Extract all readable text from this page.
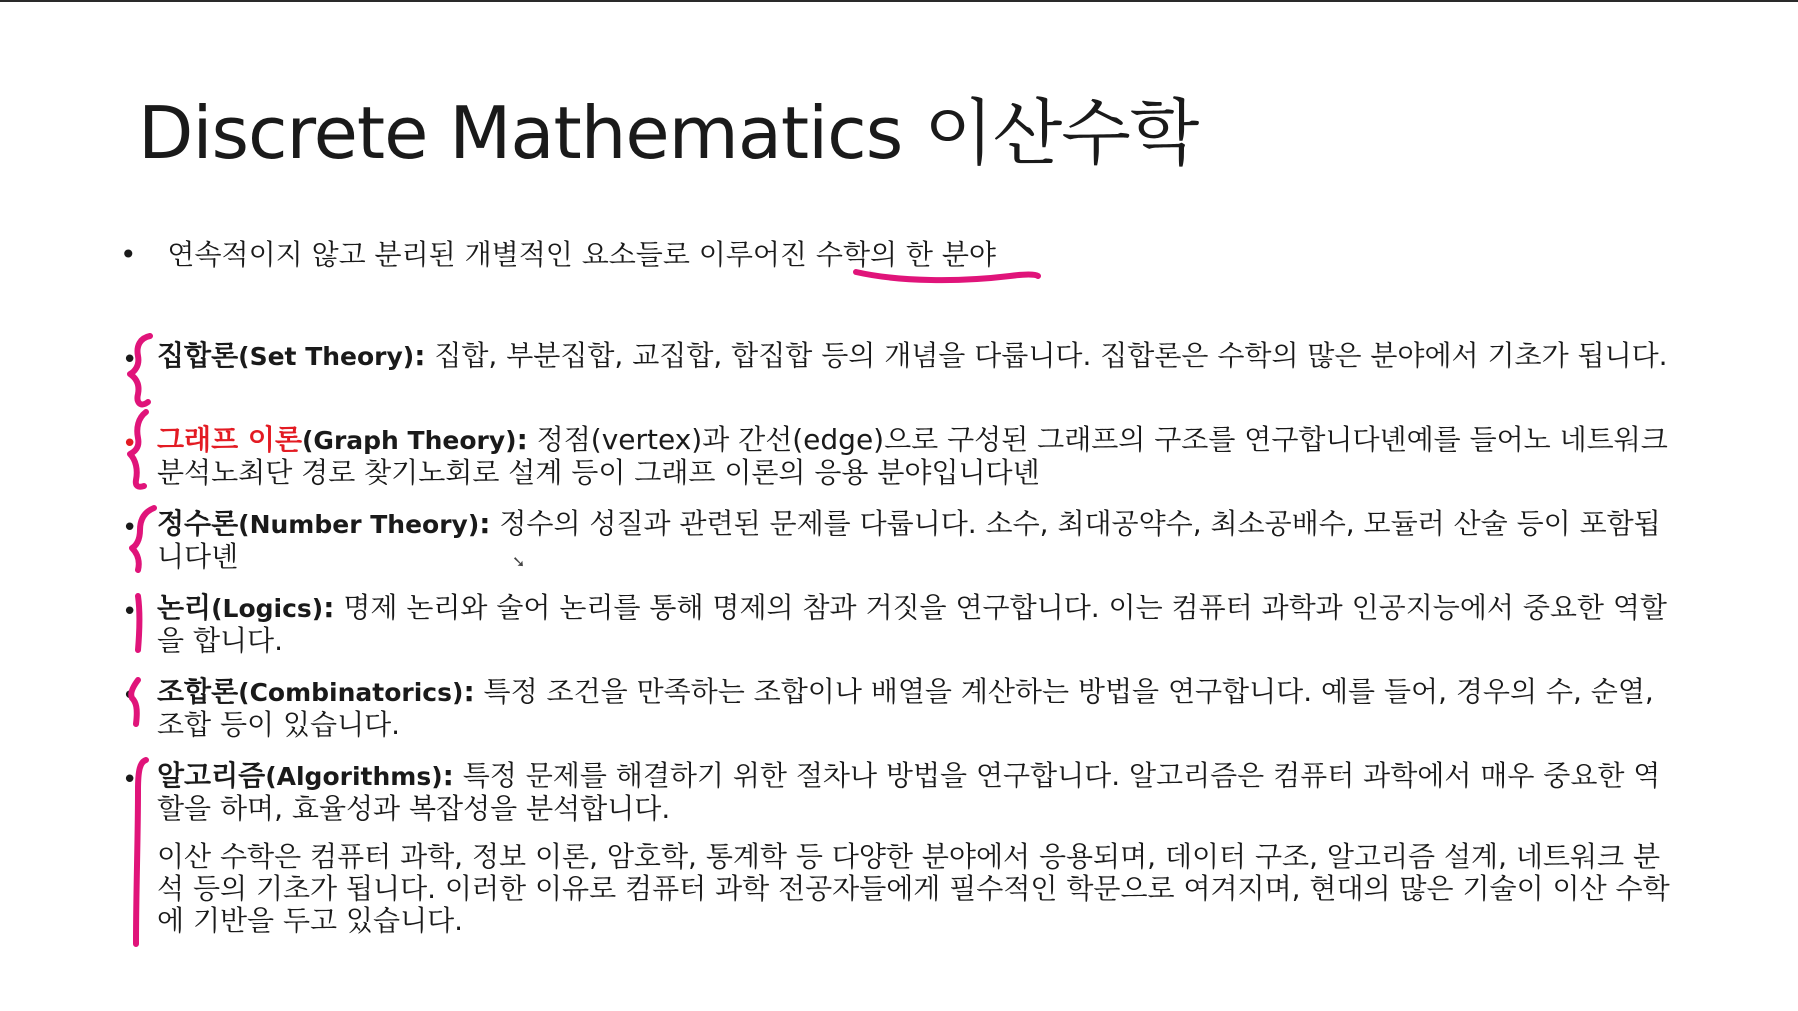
Discrete Mathematics 이산수학
• 연속적이지 않고 분리된 개별적인 요소들로 이루어진 수학의 한 분야
• 집합론(Set Theory): 집합, 부분집합, 교집합, 합집합 등의 개념을 다룹니다. 집합론은 수학의 많은 분야에서 기초가 됩니다.
• 그래프 이론(Graph Theory): 정점(vertex)과 간선(edge)으로 구성된 그래프의 구조를 연구합니다녠예를 들어노 네트워크 분석노최단 경로 찾기노회로 설계 등이 그래프 이론의 응용 분야입니다녠
• 정수론(Number Theory): 정수의 성질과 관련된 문제를 다룹니다. 소수, 최대공약수, 최소공배수, 모듈러 산술 등이 포함됩니다녠
• 논리(Logics): 명제 논리와 술어 논리를 통해 명제의 참과 거짓을 연구합니다. 이는 컴퓨터 과학과 인공지능에서 중요한 역할을 합니다.
• 조합론(Combinatorics): 특정 조건을 만족하는 조합이나 배열을 계산하는 방법을 연구합니다. 예를 들어, 경우의 수, 순열, 조합 등이 있습니다.
• 알고리즘(Algorithms): 특정 문제를 해결하기 위한 절차나 방법을 연구합니다. 알고리즘은 컴퓨터 과학에서 매우 중요한 역할을 하며, 효율성과 복잡성을 분석합니다.
이산 수학은 컴퓨터 과학, 정보 이론, 암호학, 통계학 등 다양한 분야에서 응용되며, 데이터 구조, 알고리즘 설계, 네트워크 분석 등의 기초가 됩니다. 이러한 이유로 컴퓨터 과학 전공자들에게 필수적인 학문으로 여겨지며, 현대의 많은 기술이 이산 수학에 기반을 두고 있습니다.
➘
